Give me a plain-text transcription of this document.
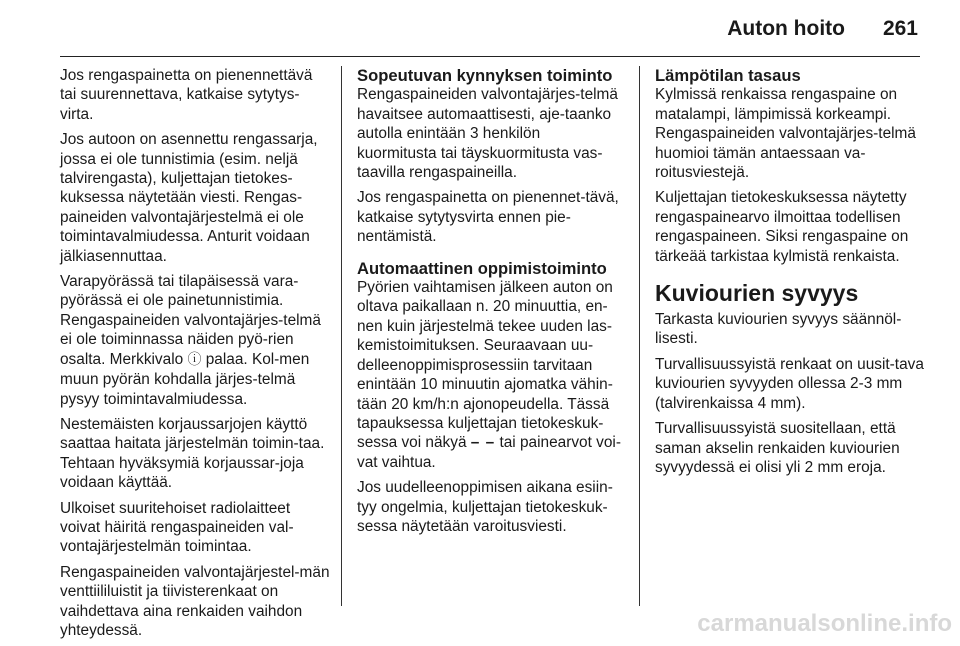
Auton hoito 261

Jos rengaspainetta on pienennettävä tai suurennettava, katkaise sytytys-virta.

Jos autoon on asennettu rengassarja, jossa ei ole tunnistimia (esim. neljä talvirengasta), kuljettajan tietokes-kuksessa näytetään viesti. Rengas-paineiden valvontajärjestelmä ei ole toimintavalmiudessa. Anturit voidaan jälkiasennuttaa.

Varapyörässä tai tilapäisessä vara-pyörässä ei ole painetunnistimia. Rengaspaineiden valvontajärjes-telmä ei ole toiminnassa näiden pyö-rien osalta. Merkkivalo ⓘ palaa. Kol-men muun pyörän kohdalla järjes-telmä pysyy toimintavalmiudessa.

Nestemäisten korjaussarjojen käyttö saattaa haitata järjestelmän toimin-taa. Tehtaan hyväksymiä korjaussar-joja voidaan käyttää.

Ulkoiset suuritehoiset radiolaitteet voivat häiritä rengaspaineiden val-vontajärjestelmän toimintaa.

Rengaspaineiden valvontajärjestel-män venttiililuistit ja tiivisterenkaat on vaihdettava aina renkaiden vaihdon yhteydessä.

Sopeutuvan kynnyksen toiminto

Rengaspaineiden valvontajärjes-telmä havaitsee automaattisesti, aje-taanko autolla enintään 3 henkilön kuormitusta tai täyskuormitusta vas-taavilla rengaspaineilla.

Jos rengaspainetta on pienennet-tävä, katkaise sytytysvirta ennen pie-nentämistä.

Automaattinen oppimistoiminto

Pyörien vaihtamisen jälkeen auton on oltava paikallaan n. 20 minuuttia, en-nen kuin järjestelmä tekee uuden las-kemistoimituksen. Seuraavaan uu-delleenoppimisprosessiin tarvitaan enintään 10 minuutin ajomatka vähin-tään 20 km/h:n ajonopeudella. Tässä tapauksessa kuljettajan tietokeskuk-sessa voi näkyä – – tai painearvot voi-vat vaihtua.

Jos uudelleenoppimisen aikana esiin-tyy ongelmia, kuljettajan tietokeskuk-sessa näytetään varoitusviesti.

Lämpötilan tasaus

Kylmissä renkaissa rengaspaine on matalampi, lämpimissä korkeampi. Rengaspaineiden valvontajärjes-telmä huomioi tämän antaessaan va-roitusviestejä.

Kuljettajan tietokeskuksessa näytetty rengaspainearvo ilmoittaa todellisen rengaspaineen. Siksi rengaspaine on tärkeää tarkistaa kylmistä renkaista.

Kuviourien syvyys

Tarkasta kuviourien syvyys säännöl-lisesti.

Turvallisuussyistä renkaat on uusit-tava kuviourien syvyyden ollessa 2-3 mm (talvirenkaissa 4 mm).

Turvallisuussyistä suositellaan, että saman akselin renkaiden kuviourien syvyydessä ei olisi yli 2 mm eroja.

carmanualsonline.info
